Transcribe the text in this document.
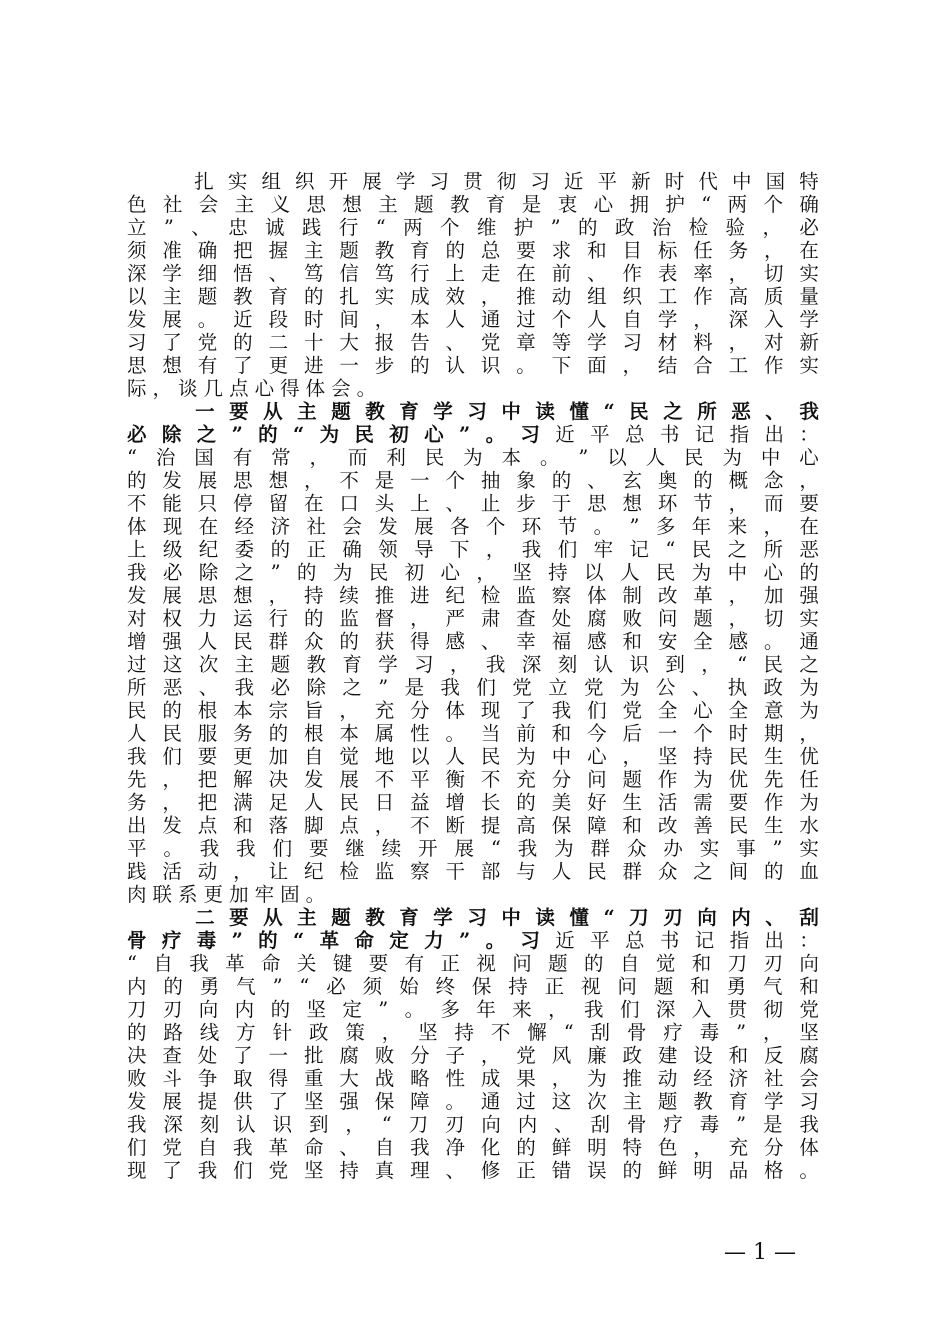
扎 实 组 织 开 展 学 习 贯 彻 习 近 平 新 时 代 中 国 特
色 社 会 主 义 思 想 主 题 教 育 是 衷 心 拥 护 “ 两 个 确
立 ” 、 忠 诚 践 行 “ 两 个 维 护 ” 的 政 治 检 验 ， 必
须 准 确 把 握 主 题 教 育 的 总 要 求 和 目 标 任 务 ， 在
深 学 细 悟 、 笃 信 笃 行 上 走 在 前 、 作 表 率 ， 切 实
以 主 题 教 育 的 扎 实 成 效 ， 推 动 组 织 工 作 高 质 量
发 展 。 近 段 时 间 ， 本 人 通 过 个 人 自 学 ， 深 入 学
习 了 党 的 二 十 大 报 告 、 党 章 等 学 习 材 料 ， 对 新
思 想 有 了 更 进 一 步 的 认 识 。 下 面 ， 结 合 工 作 实
际 ， 谈 几 点 心 得 体 会 。

一 要 从 主 题 教 育 学 习 中 读 懂 “ 民 之 所 恶 、 我
必 除 之 ” 的 “ 为 民 初 心 ” 。 习 近 平 总 书 记 指 出 ：
“ 治 国 有 常 ， 而 利 民 为 本 。 ” 以 人 民 为 中 心
的 发 展 思 想 ， 不 是 一 个 抽 象 的 、 玄 奥 的 概 念 ，
不 能 只 停 留 在 口 头 上 、 止 步 于 思 想 环 节 ， 而 要
体 现 在 经 济 社 会 发 展 各 个 环 节 。 ” 多 年 来 ， 在
上 级 纪 委 的 正 确 领 导 下 ， 我 们 牢 记 “ 民 之 所 恶
我 必 除 之 ” 的 为 民 初 心 ， 坚 持 以 人 民 为 中 心 的
发 展 思 想 ， 持 续 推 进 纪 检 监 察 体 制 改 革 ， 加 强
对 权 力 运 行 的 监 督 ， 严 肃 查 处 腐 败 问 题 ， 切 实
增 强 人 民 群 众 的 获 得 感 、 幸 福 感 和 安 全 感 。 通
过 这 次 主 题 教 育 学 习 ， 我 深 刻 认 识 到 ， “ 民 之
所 恶 、 我 必 除 之 ” 是 我 们 党 立 党 为 公 、 执 政 为
民 的 根 本 宗 旨 ， 充 分 体 现 了 我 们 党 全 心 全 意 为
人 民 服 务 的 根 本 属 性 。 当 前 和 今 后 一 个 时 期 ，
我 们 要 更 加 自 觉 地 以 人 民 为 中 心 ， 坚 持 民 生 优
先 ， 把 解 决 发 展 不 平 衡 不 充 分 问 题 作 为 优 先 任
务 ， 把 满 足 人 民 日 益 增 长 的 美 好 生 活 需 要 作 为
出 发 点 和 落 脚 点 ， 不 断 提 高 保 障 和 改 善 民 生 水
平 。 我 我 们 要 继 续 开 展 “ 我 为 群 众 办 实 事 ” 实
践 活 动 ， 让 纪 检 监 察 干 部 与 人 民 群 众 之 间 的 血
肉 联 系 更 加 牢 固 。

二 要 从 主 题 教 育 学 习 中 读 懂 “ 刀 刃 向 内 、 刮
骨 疗 毒 ” 的 “ 革 命 定 力 ” 。 习 近 平 总 书 记 指 出 ：
“ 自 我 革 命 关 键 要 有 正 视 问 题 的 自 觉 和 刀 刃 向
内 的 勇 气 ” “ 必 须 始 终 保 持 正 视 问 题 和 勇 气 和
刀 刃 向 内 的 坚 定 ” 。 多 年 来 ， 我 们 深 入 贯 彻 党
的 路 线 方 针 政 策 ， 坚 持 不 懈 “ 刮 骨 疗 毒 ” ， 坚
决 查 处 了 一 批 腐 败 分 子 ， 党 风 廉 政 建 设 和 反 腐
败 斗 争 取 得 重 大 战 略 性 成 果 ， 为 推 动 经 济 社 会
发 展 提 供 了 坚 强 保 障 。 通 过 这 次 主 题 教 育 学 习
我 深 刻 认 识 到 ， “ 刀 刃 向 内 、 刮 骨 疗 毒 ” 是 我
们 党 自 我 革 命 、 自 我 净 化 的 鲜 明 特 色 ， 充 分 体
现 了 我 们 党 坚 持 真 理 、 修 正 错 误 的 鲜 明 品 格 。
— 1 —
